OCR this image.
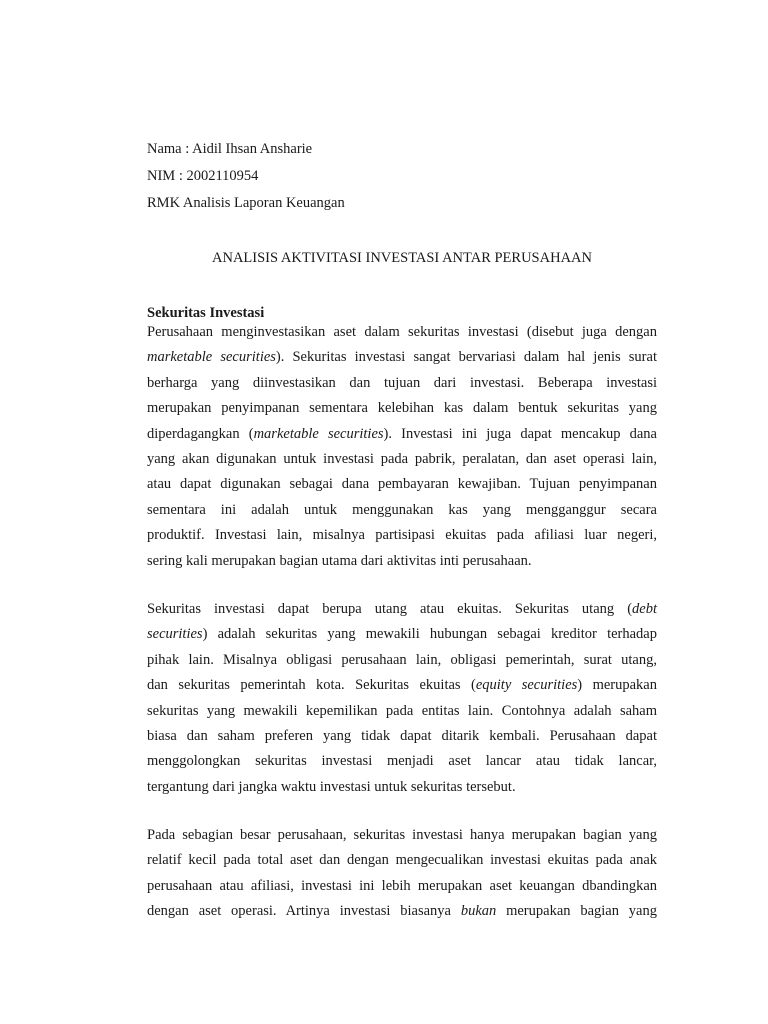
Nama : Aidil Ihsan Ansharie
NIM : 2002110954
RMK Analisis Laporan Keuangan
ANALISIS AKTIVITASI INVESTASI ANTAR PERUSAHAAN
Sekuritas Investasi
Perusahaan menginvestasikan aset dalam sekuritas investasi (disebut juga dengan
marketable securities). Sekuritas investasi sangat bervariasi dalam hal jenis surat
berharga yang diinvestasikan dan tujuan dari investasi. Beberapa investasi
merupakan penyimpanan sementara kelebihan kas dalam bentuk sekuritas yang
diperdagangkan (marketable securities). Investasi ini juga dapat mencakup dana
yang akan digunakan untuk investasi pada pabrik, peralatan, dan aset operasi lain,
atau dapat digunakan sebagai dana pembayaran kewajiban. Tujuan penyimpanan
sementara ini adalah untuk menggunakan kas yang mengganggur secara
produktif. Investasi lain, misalnya partisipasi ekuitas pada afiliasi luar negeri,
sering kali merupakan bagian utama dari aktivitas inti perusahaan.
Sekuritas investasi dapat berupa utang atau ekuitas. Sekuritas utang (debt
securities) adalah sekuritas yang mewakili hubungan sebagai kreditor terhadap
pihak lain. Misalnya obligasi perusahaan lain, obligasi pemerintah, surat utang,
dan sekuritas pemerintah kota. Sekuritas ekuitas (equity securities) merupakan
sekuritas yang mewakili kepemilikan pada entitas lain. Contohnya adalah saham
biasa dan saham preferen yang tidak dapat ditarik kembali. Perusahaan dapat
menggolongkan sekuritas investasi menjadi aset lancar atau tidak lancar,
tergantung dari jangka waktu investasi untuk sekuritas tersebut.
Pada sebagian besar perusahaan, sekuritas investasi hanya merupakan bagian yang
relatif kecil pada total aset dan dengan mengecualikan investasi ekuitas pada anak
perusahaan atau afiliasi, investasi ini lebih merupakan aset keuangan dbandingkan
dengan aset operasi. Artinya investasi biasanya bukan merupakan bagian yang
